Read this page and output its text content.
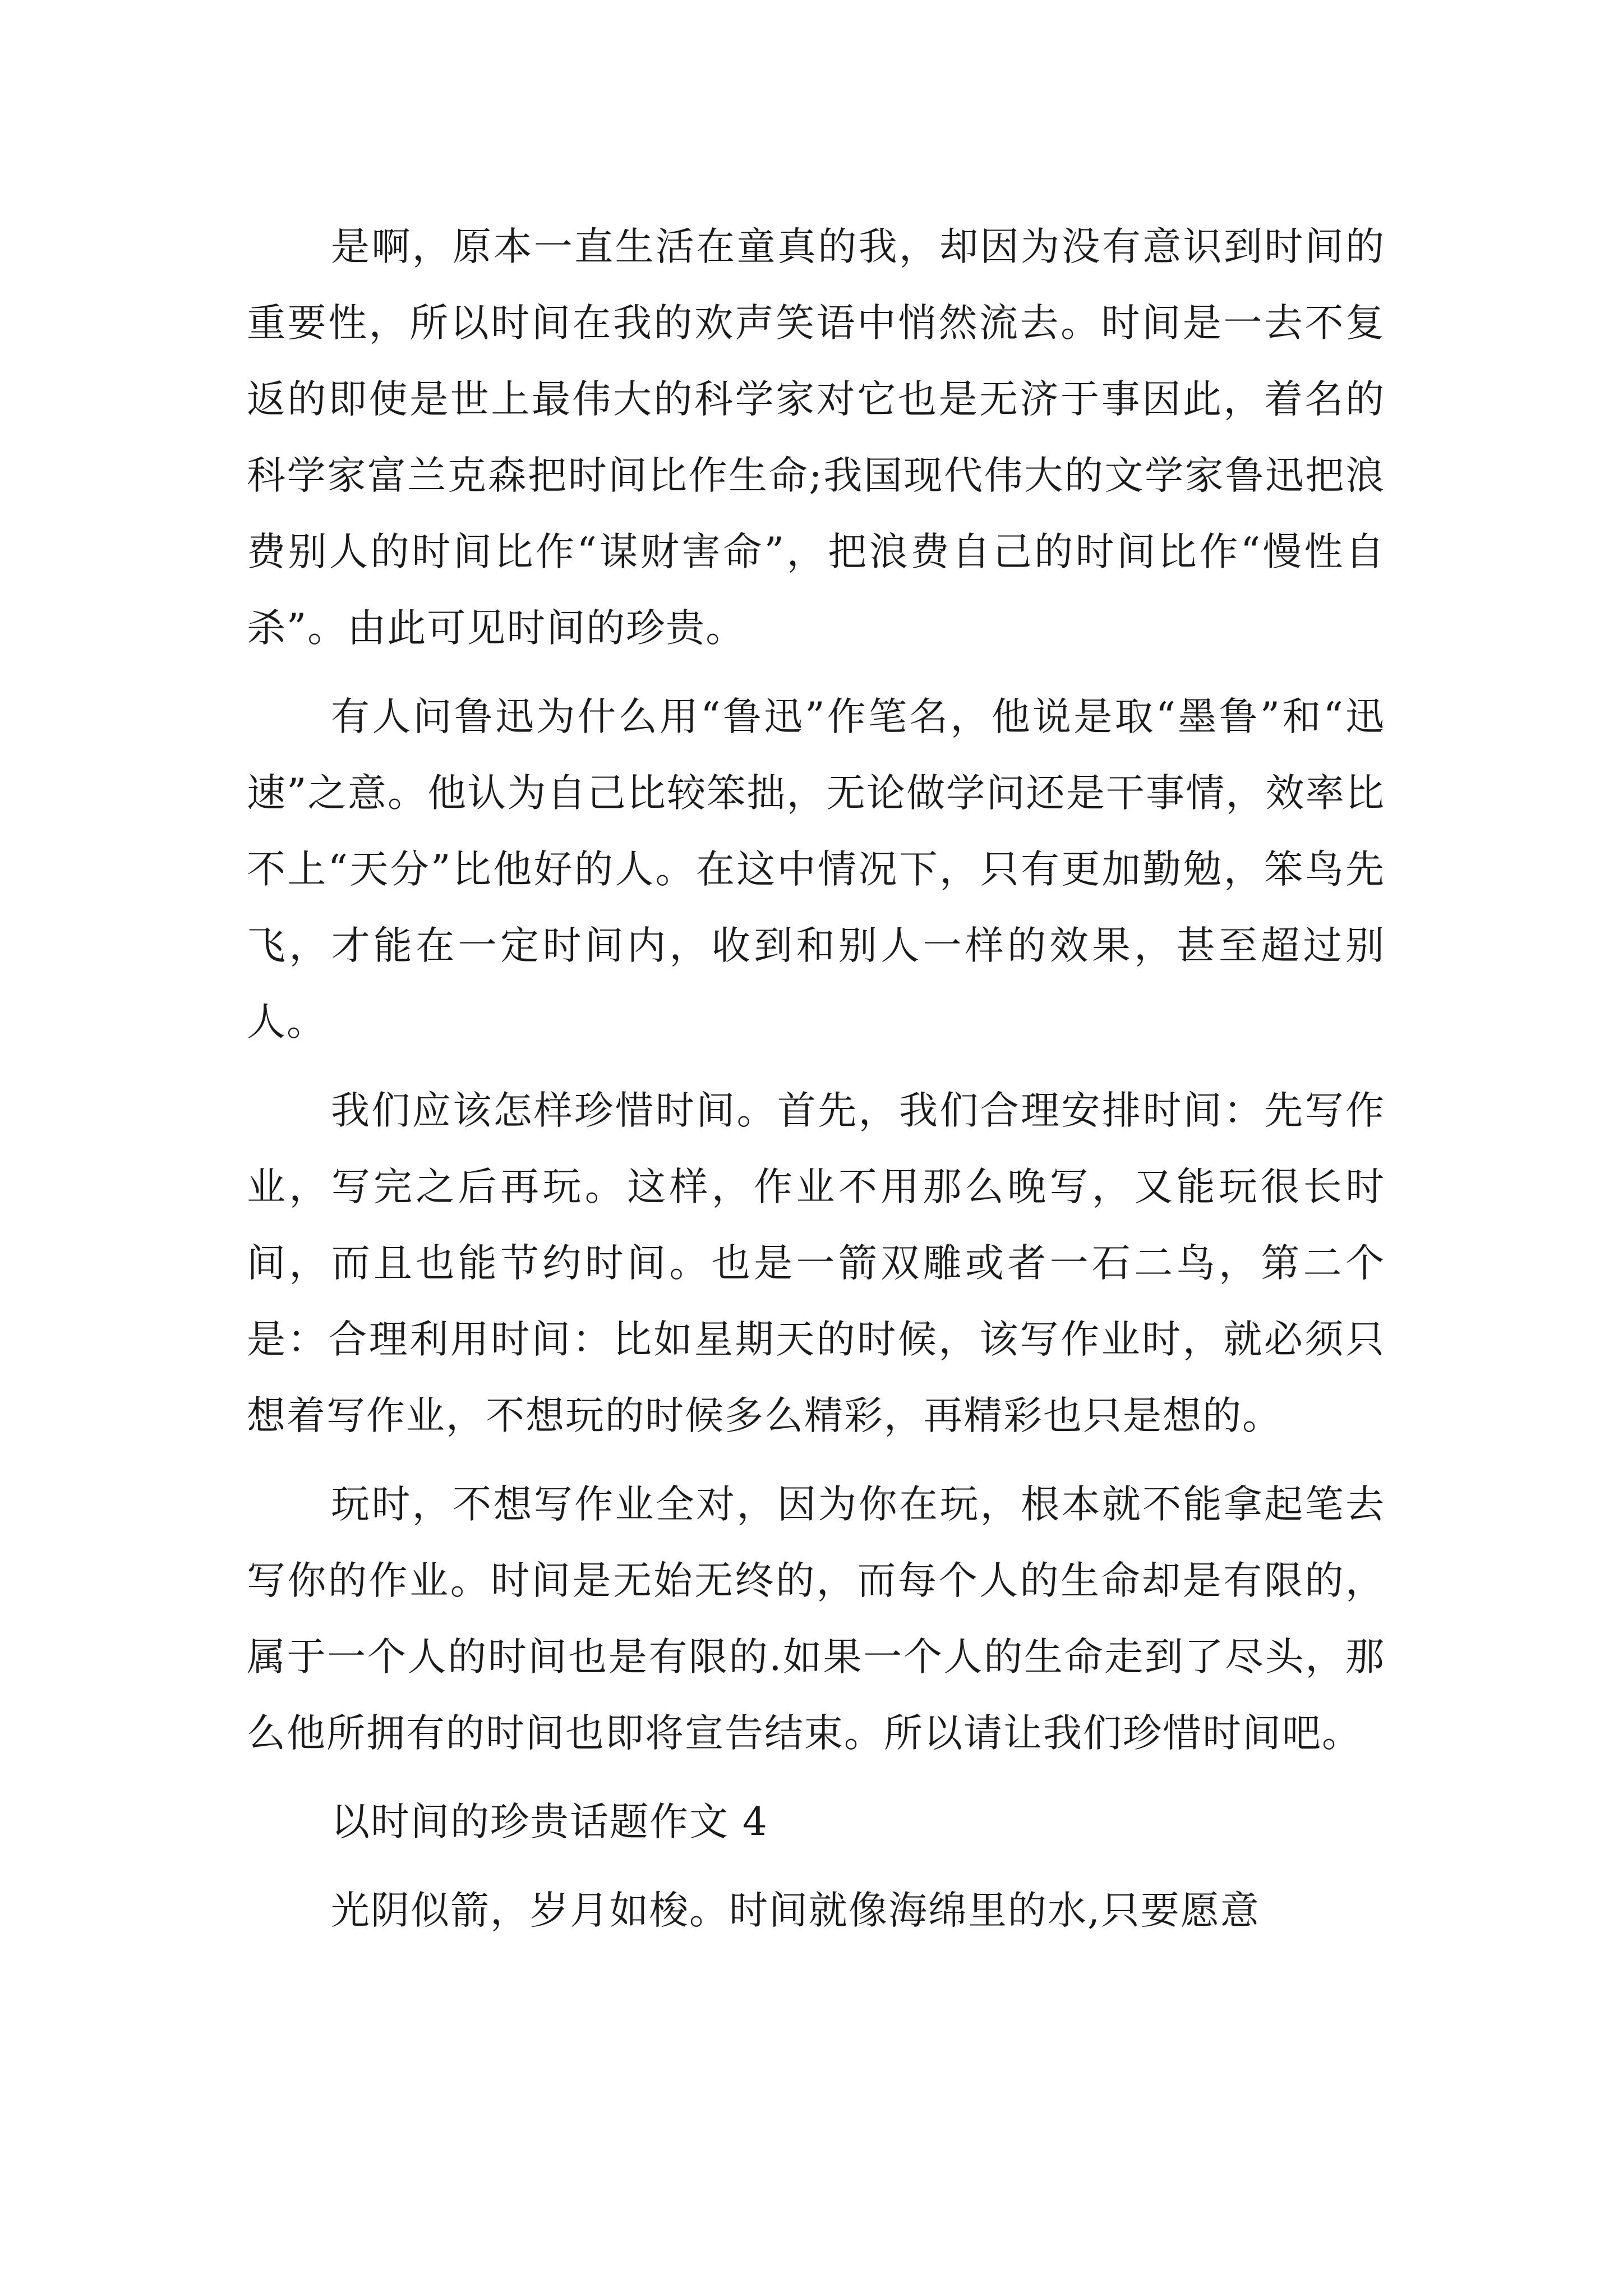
是啊，原本一直生活在童真的我，却因为没有意识到时间的重要性，所以时间在我的欢声笑语中悄然流去。时间是一去不复返的即使是世上最伟大的科学家对它也是无济于事因此，着名的科学家富兰克森把时间比作生命;我国现代伟大的文学家鲁迅把浪费别人的时间比作“谋财害命”，把浪费自己的时间比作“慢性自杀”。由此可见时间的珍贵。

有人问鲁迅为什么用“鲁迅”作笔名，他说是取“墨鲁”和“迅速”之意。他认为自己比较笨拙，无论做学问还是干事情，效率比不上“天分”比他好的人。在这中情况下，只有更加勤勉，笨鸟先飞，才能在一定时间内，收到和别人一样的效果，甚至超过别人。

我们应该怎样珍惜时间。首先，我们合理安排时间：先写作业，写完之后再玩。这样，作业不用那么晚写，又能玩很长时间，而且也能节约时间。也是一箭双雕或者一石二鸟，第二个是：合理利用时间：比如星期天的时候，该写作业时，就必须只想着写作业，不想玩的时候多么精彩，再精彩也只是想的。

玩时，不想写作业全对，因为你在玩，根本就不能拿起笔去写你的作业。时间是无始无终的，而每个人的生命却是有限的，属于一个人的时间也是有限的.如果一个人的生命走到了尽头，那么他所拥有的时间也即将宣告结束。所以请让我们珍惜时间吧。

以时间的珍贵话题作文 4

光阴似箭，岁月如梭。时间就像海绵里的水,只要愿意
